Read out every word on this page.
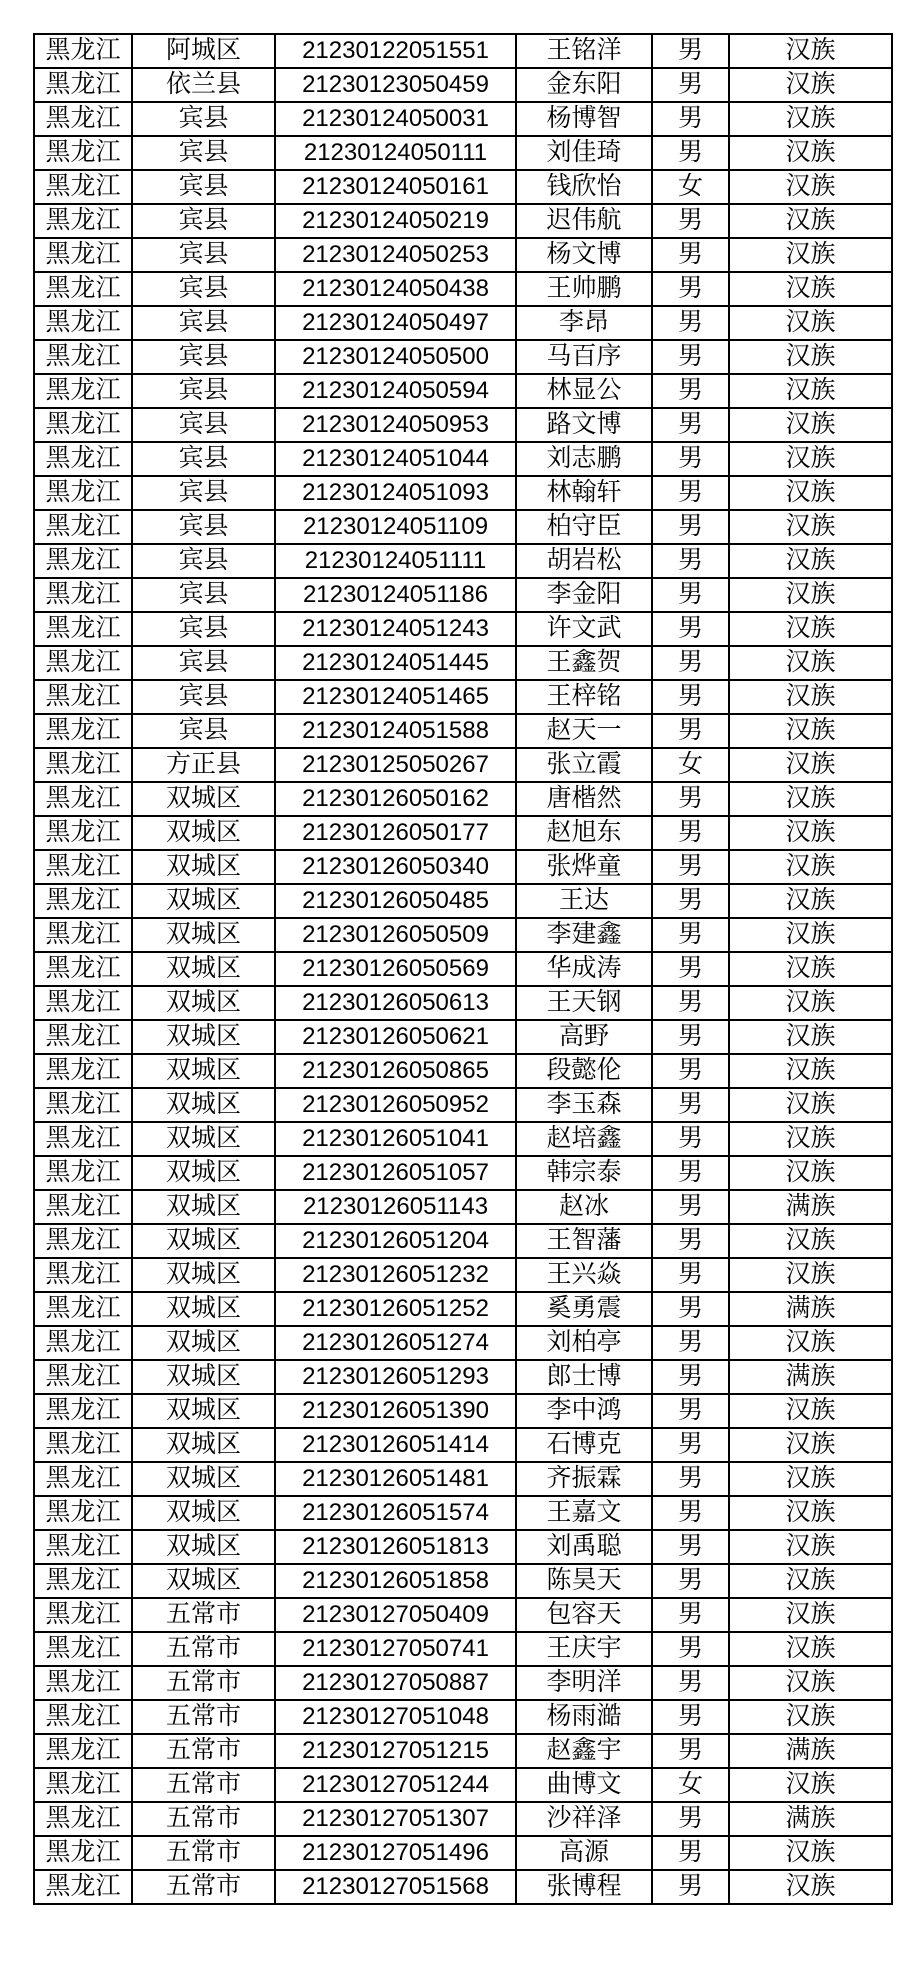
黑龙江	阿城区	21230122051551	王铭洋	男	汉族
黑龙江	依兰县	21230123050459	金东阳	男	汉族
黑龙江	宾县	21230124050031	杨博智	男	汉族
黑龙江	宾县	21230124050111	刘佳琦	男	汉族
黑龙江	宾县	21230124050161	钱欣怡	女	汉族
黑龙江	宾县	21230124050219	迟伟航	男	汉族
黑龙江	宾县	21230124050253	杨文博	男	汉族
黑龙江	宾县	21230124050438	王帅鹏	男	汉族
黑龙江	宾县	21230124050497	李昂	男	汉族
黑龙江	宾县	21230124050500	马百序	男	汉族
黑龙江	宾县	21230124050594	林显公	男	汉族
黑龙江	宾县	21230124050953	路文博	男	汉族
黑龙江	宾县	21230124051044	刘志鹏	男	汉族
黑龙江	宾县	21230124051093	林翰轩	男	汉族
黑龙江	宾县	21230124051109	柏守臣	男	汉族
黑龙江	宾县	21230124051111	胡岩松	男	汉族
黑龙江	宾县	21230124051186	李金阳	男	汉族
黑龙江	宾县	21230124051243	许文武	男	汉族
黑龙江	宾县	21230124051445	王鑫贺	男	汉族
黑龙江	宾县	21230124051465	王梓铭	男	汉族
黑龙江	宾县	21230124051588	赵天一	男	汉族
黑龙江	方正县	21230125050267	张立霞	女	汉族
黑龙江	双城区	21230126050162	唐楷然	男	汉族
黑龙江	双城区	21230126050177	赵旭东	男	汉族
黑龙江	双城区	21230126050340	张烨童	男	汉族
黑龙江	双城区	21230126050485	王达	男	汉族
黑龙江	双城区	21230126050509	李建鑫	男	汉族
黑龙江	双城区	21230126050569	华成涛	男	汉族
黑龙江	双城区	21230126050613	王天钢	男	汉族
黑龙江	双城区	21230126050621	高野	男	汉族
黑龙江	双城区	21230126050865	段懿伦	男	汉族
黑龙江	双城区	21230126050952	李玉森	男	汉族
黑龙江	双城区	21230126051041	赵培鑫	男	汉族
黑龙江	双城区	21230126051057	韩宗泰	男	汉族
黑龙江	双城区	21230126051143	赵冰	男	满族
黑龙江	双城区	21230126051204	王智藩	男	汉族
黑龙江	双城区	21230126051232	王兴焱	男	汉族
黑龙江	双城区	21230126051252	奚勇震	男	满族
黑龙江	双城区	21230126051274	刘柏亭	男	汉族
黑龙江	双城区	21230126051293	郎士博	男	满族
黑龙江	双城区	21230126051390	李中鸿	男	汉族
黑龙江	双城区	21230126051414	石博克	男	汉族
黑龙江	双城区	21230126051481	齐振霖	男	汉族
黑龙江	双城区	21230126051574	王嘉文	男	汉族
黑龙江	双城区	21230126051813	刘禹聪	男	汉族
黑龙江	双城区	21230126051858	陈昊天	男	汉族
黑龙江	五常市	21230127050409	包容天	男	汉族
黑龙江	五常市	21230127050741	王庆宇	男	汉族
黑龙江	五常市	21230127050887	李明洋	男	汉族
黑龙江	五常市	21230127051048	杨雨澔	男	汉族
黑龙江	五常市	21230127051215	赵鑫宇	男	满族
黑龙江	五常市	21230127051244	曲博文	女	汉族
黑龙江	五常市	21230127051307	沙祥泽	男	满族
黑龙江	五常市	21230127051496	高源	男	汉族
黑龙江	五常市	21230127051568	张博程	男	汉族
